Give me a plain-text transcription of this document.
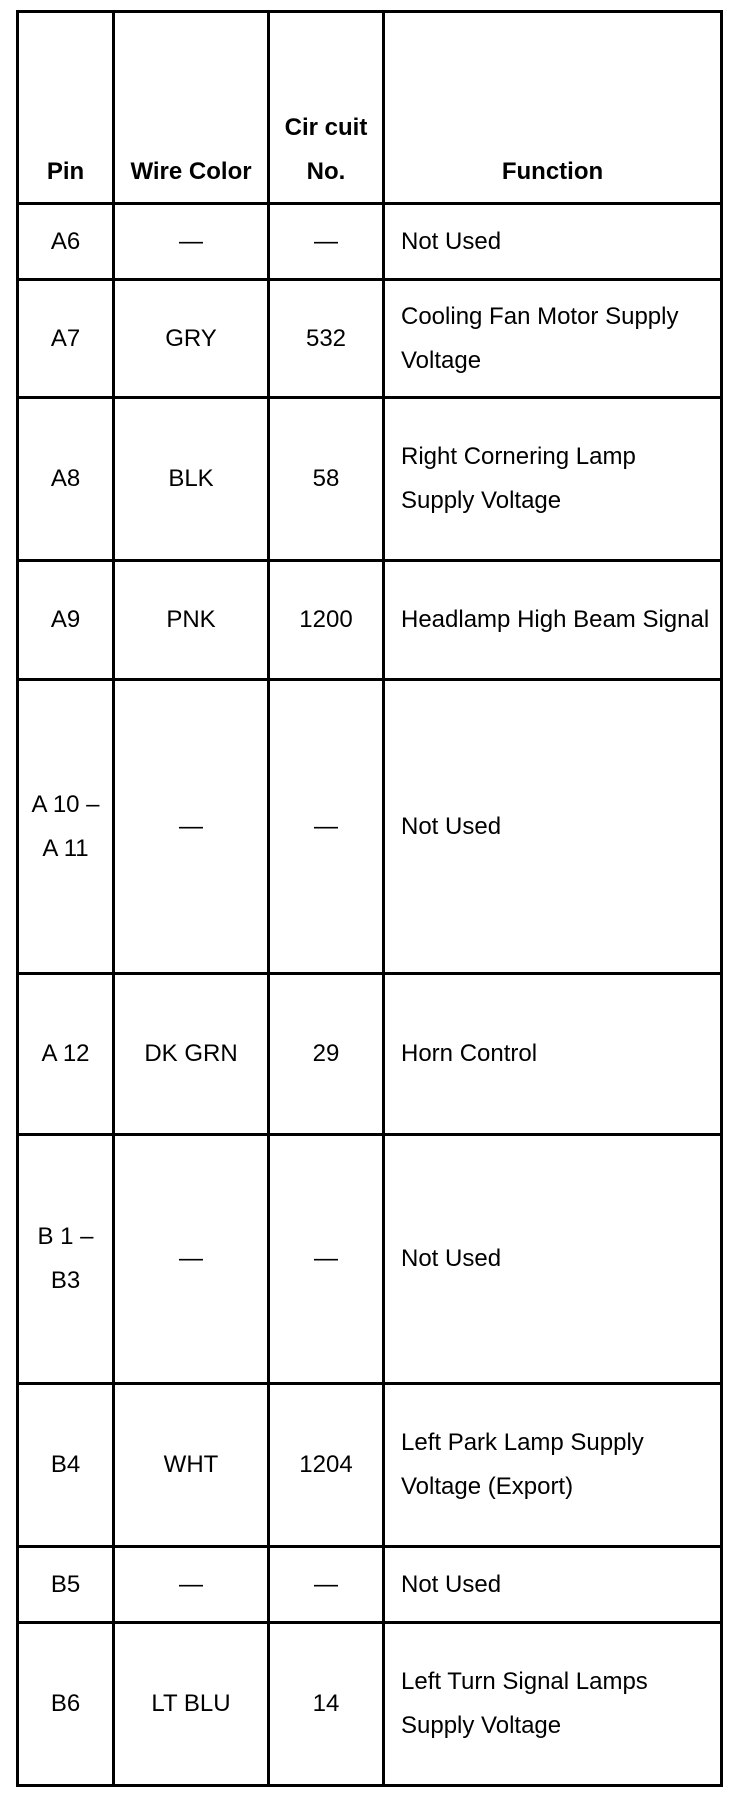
Pin	Wire Color	Cir cuit No.	Function
A6	—	—	Not Used
A7	GRY	532	Cooling Fan Motor Supply Voltage
A8	BLK	58	Right Cornering Lamp Supply Voltage
A9	PNK	1200	Headlamp High Beam Signal
A 10 – A 11	—	—	Not Used
A 12	DK GRN	29	Horn Control
B 1 – B3	—	—	Not Used
B4	WHT	1204	Left Park Lamp Supply Voltage (Export)
B5	—	—	Not Used
B6	LT BLU	14	Left Turn Signal Lamps Supply Voltage
